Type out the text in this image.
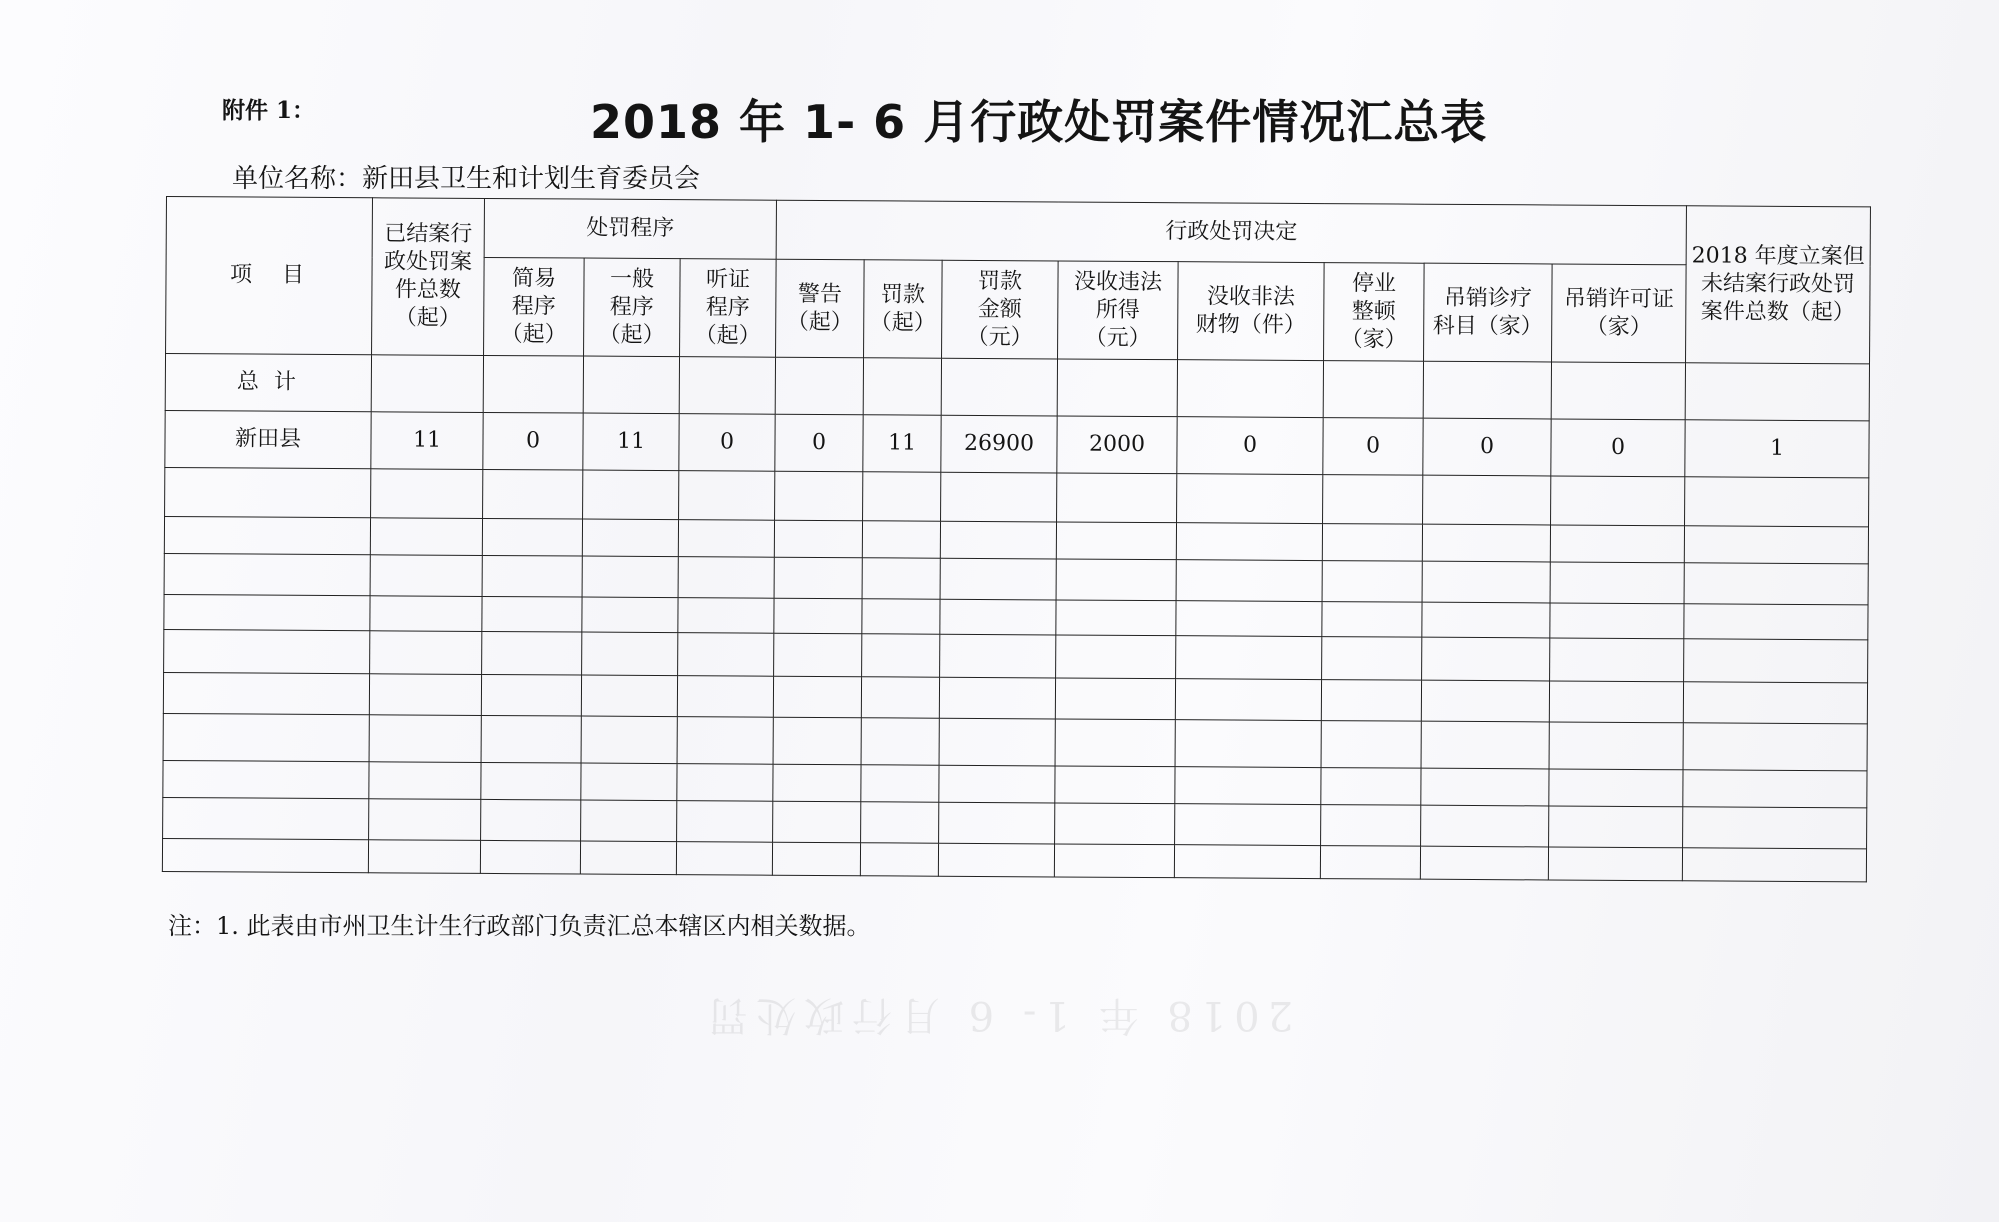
2018 年 1- 6 月行政处罚
附件 1：	2018 年 1- 6 月行政处罚案件情况汇总表
单位名称：新田县卫生和计划生育委员会
项　目	已结案行
政处罚案
件总数
（起）	处罚程序			行政处罚决定								2018 年度立案但
未结案行政处罚
案件总数（起）
		简易
程序
（起）	一般
程序
（起）	听证
程序
（起）	警告
（起）	罚款
（起）	罚款
金额
（元）	没收违法
所得
（元）	没收非法
财物（件）	停业
整顿
（家）	吊销诊疗
科目（家）	吊销许可证
（家）	
总 计													
新田县	11	0	11	0	0	11	26900	2000	0	0	0	0	1

注：1. 此表由市州卫生计生行政部门负责汇总本辖区内相关数据。
